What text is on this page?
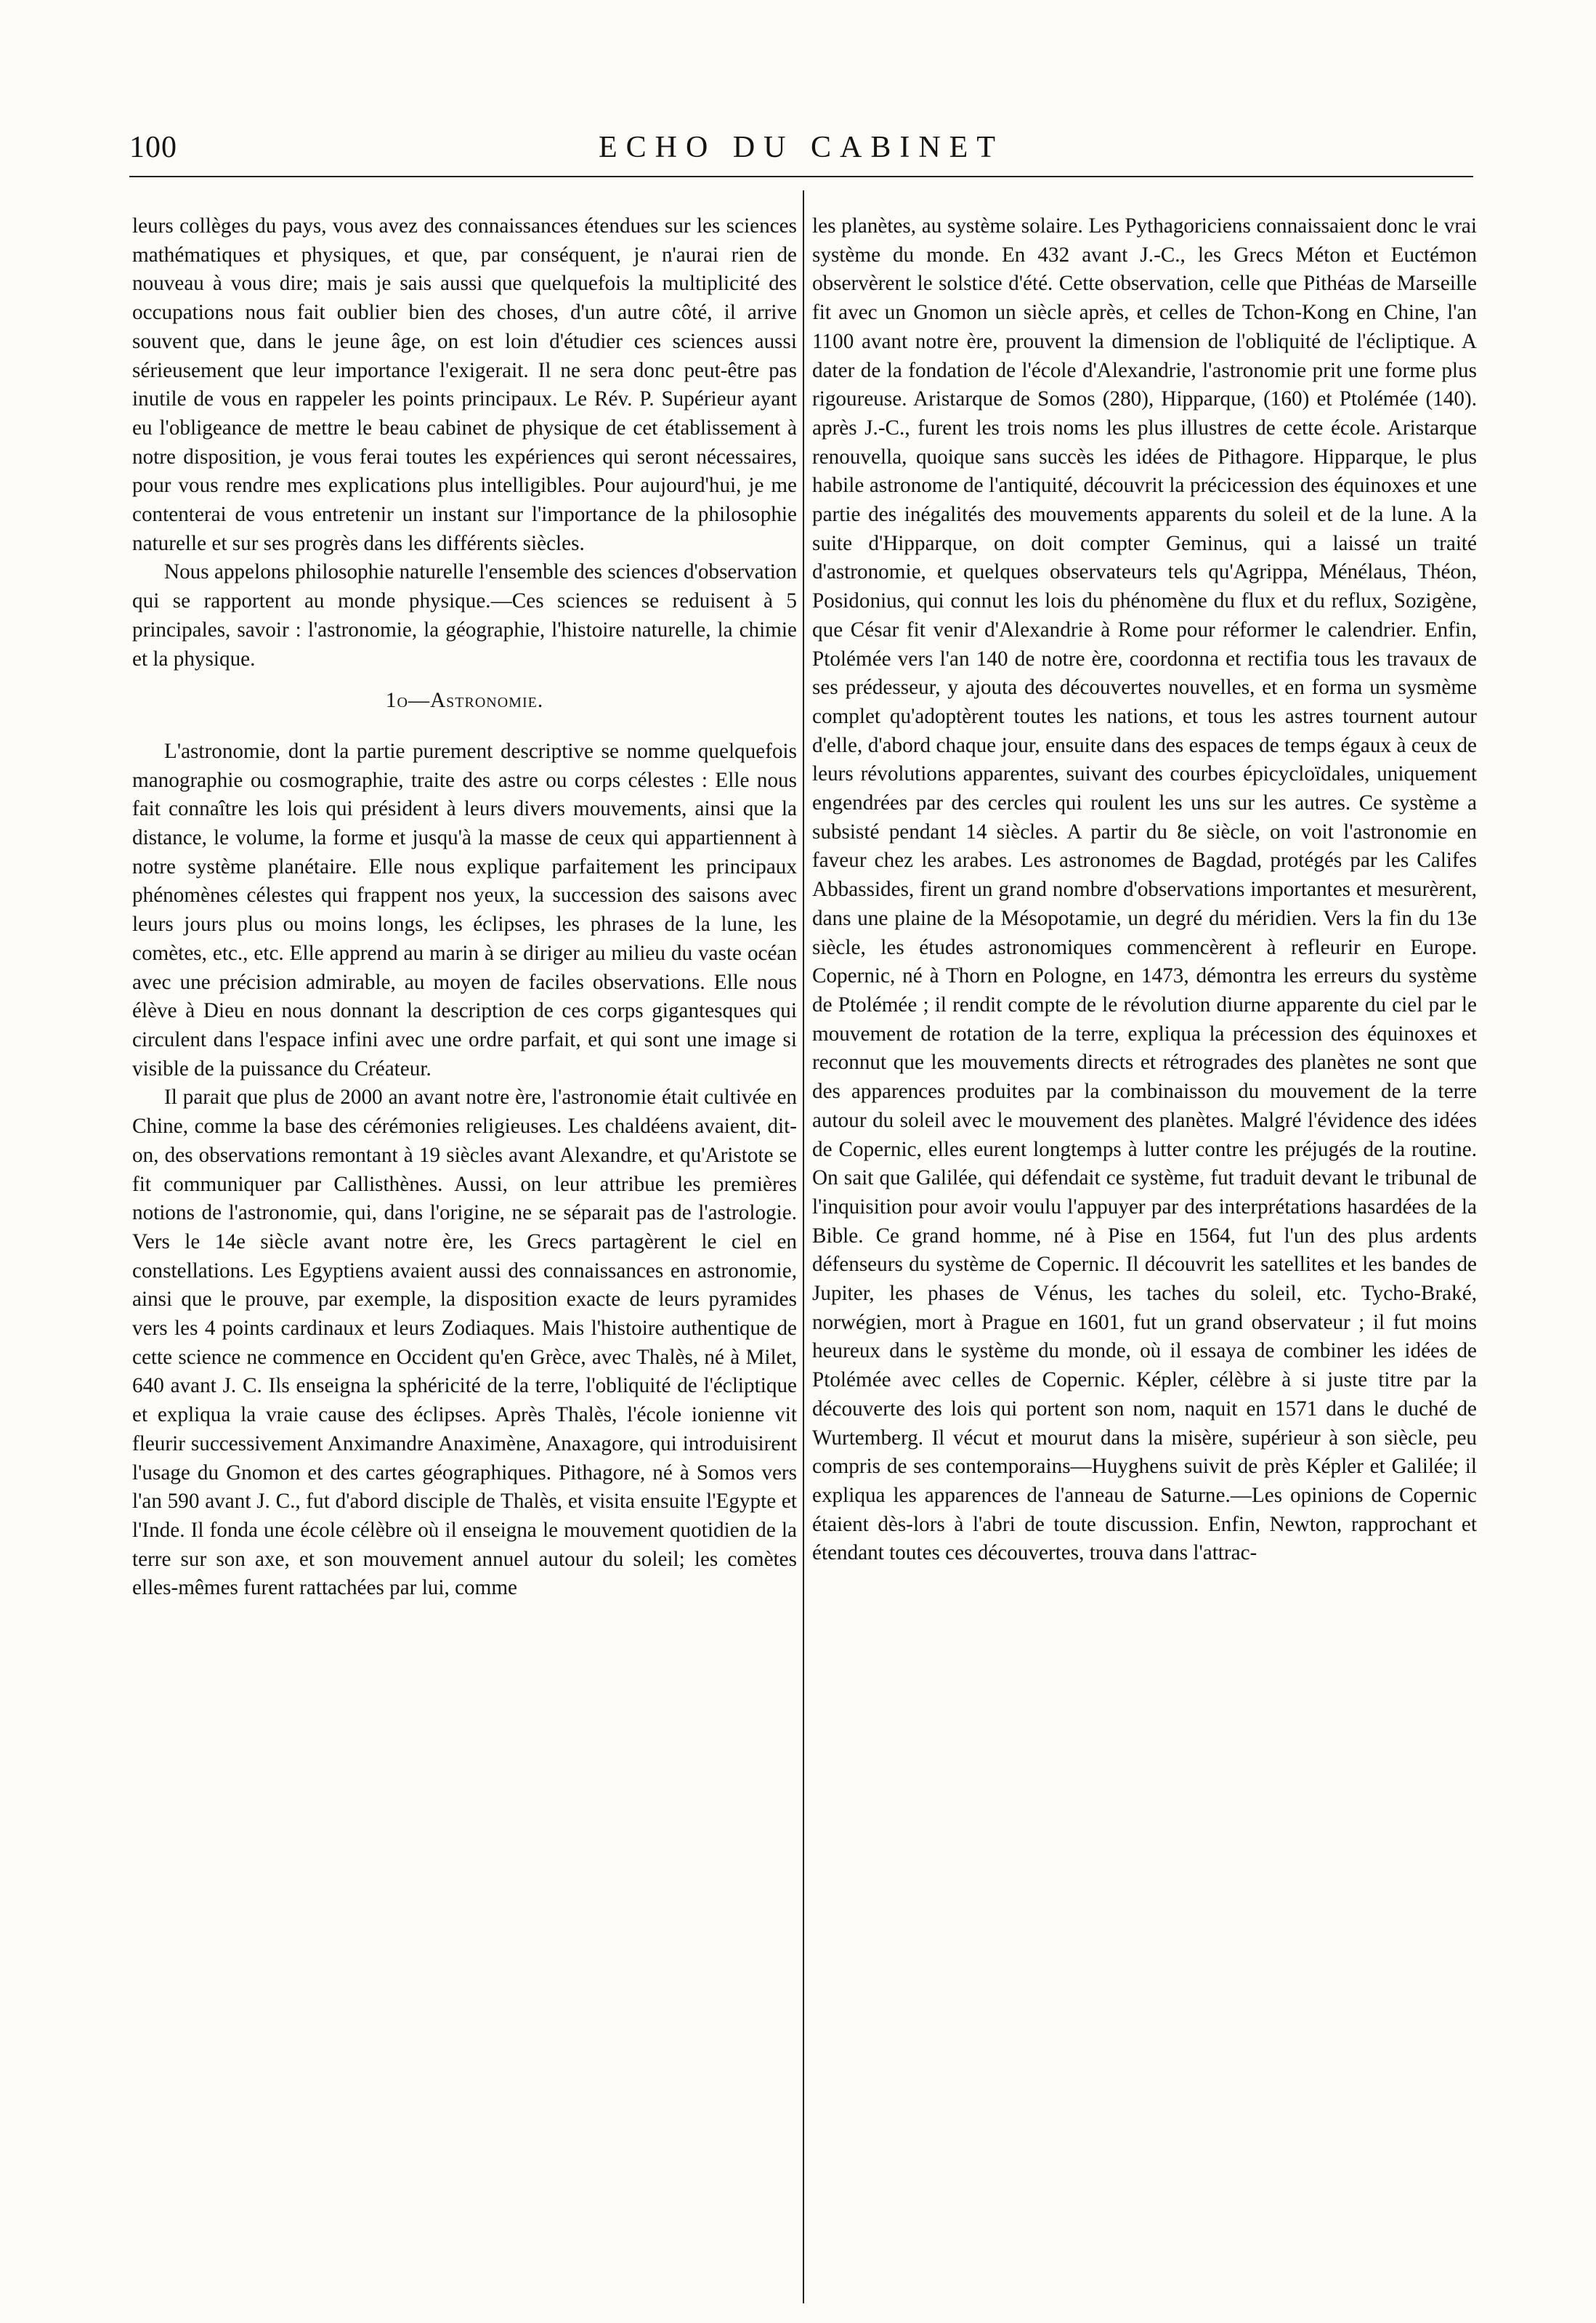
100	ECHO DU CABINET

leurs collèges du pays, vous avez des connaissances étendues sur les sciences mathématiques et physiques, et que, par conséquent, je n'aurai rien de nouveau à vous dire; mais je sais aussi que quelquefois la multiplicité des occupations nous fait oublier bien des choses, d'un autre côté, il arrive souvent que, dans le jeune âge, on est loin d'étudier ces sciences aussi sérieusement que leur importance l'exigerait. Il ne sera donc peut-être pas inutile de vous en rappeler les points principaux. Le Rév. P. Supérieur ayant eu l'obligeance de mettre le beau cabinet de physique de cet établissement à notre disposition, je vous ferai toutes les expériences qui seront nécessaires, pour vous rendre mes explications plus intelligibles. Pour aujourd'hui, je me contenterai de vous entretenir un instant sur l'importance de la philosophie naturelle et sur ses progrès dans les différents siècles.

Nous appelons philosophie naturelle l'ensemble des sciences d'observation qui se rapportent au monde physique.—Ces sciences se reduisent à 5 principales, savoir : l'astronomie, la géographie, l'histoire naturelle, la chimie et la physique.

1o—Astronomie.

L'astronomie, dont la partie purement descriptive se nomme quelquefois manographie ou cosmographie, traite des astre ou corps célestes : Elle nous fait connaître les lois qui président à leurs divers mouvements, ainsi que la distance, le volume, la forme et jusqu'à la masse de ceux qui appartiennent à notre système planétaire. Elle nous explique parfaitement les principaux phénomènes célestes qui frappent nos yeux, la succession des saisons avec leurs jours plus ou moins longs, les éclipses, les phrases de la lune, les comètes, etc., etc. Elle apprend au marin à se diriger au milieu du vaste océan avec une précision admirable, au moyen de faciles observations. Elle nous élève à Dieu en nous donnant la description de ces corps gigantesques qui circulent dans l'espace infini avec une ordre parfait, et qui sont une image si visible de la puissance du Créateur.

Il parait que plus de 2000 an avant notre ère, l'astronomie était cultivée en Chine, comme la base des cérémonies religieuses. Les chaldéens avaient, dit-on, des observations remontant à 19 siècles avant Alexandre, et qu'Aristote se fit communiquer par Callisthènes. Aussi, on leur attribue les premières notions de l'astronomie, qui, dans l'origine, ne se séparait pas de l'astrologie. Vers le 14e siècle avant notre ère, les Grecs partagèrent le ciel en constellations. Les Egyptiens avaient aussi des connaissances en astronomie, ainsi que le prouve, par exemple, la disposition exacte de leurs pyramides vers les 4 points cardinaux et leurs Zodiaques. Mais l'histoire authentique de cette science ne commence en Occident qu'en Grèce, avec Thalès, né à Milet, 640 avant J. C. Ils enseigna la sphéricité de la terre, l'obliquité de l'écliptique et expliqua la vraie cause des éclipses. Après Thalès, l'école ionienne vit fleurir successivement Anximandre Anaximène, Anaxagore, qui introduisirent l'usage du Gnomon et des cartes géographiques. Pithagore, né à Somos vers l'an 590 avant J. C., fut d'abord disciple de Thalès, et visita ensuite l'Egypte et l'Inde. Il fonda une école célèbre où il enseigna le mouvement quotidien de la terre sur son axe, et son mouvement annuel autour du soleil; les comètes elles-mêmes furent rattachées par lui, comme

les planètes, au système solaire. Les Pythagoriciens connaissaient donc le vrai système du monde. En 432 avant J.-C., les Grecs Méton et Euctémon observèrent le solstice d'été. Cette observation, celle que Pithéas de Marseille fit avec un Gnomon un siècle après, et celles de Tchon-Kong en Chine, l'an 1100 avant notre ère, prouvent la dimension de l'obliquité de l'écliptique. A dater de la fondation de l'école d'Alexandrie, l'astronomie prit une forme plus rigoureuse. Aristarque de Somos (280), Hipparque, (160) et Ptolémée (140). après J.-C., furent les trois noms les plus illustres de cette école. Aristarque renouvella, quoique sans succès les idées de Pithagore. Hipparque, le plus habile astronome de l'antiquité, découvrit la précicession des équinoxes et une partie des inégalités des mouvements apparents du soleil et de la lune. A la suite d'Hipparque, on doit compter Geminus, qui a laissé un traité d'astronomie, et quelques observateurs tels qu'Agrippa, Ménélaus, Théon, Posidonius, qui connut les lois du phénomène du flux et du reflux, Sozigène, que César fit venir d'Alexandrie à Rome pour réformer le calendrier. Enfin, Ptolémée vers l'an 140 de notre ère, coordonna et rectifia tous les travaux de ses prédesseur, y ajouta des découvertes nouvelles, et en forma un sysmème complet qu'adoptèrent toutes les nations, et tous les astres tournent autour d'elle, d'abord chaque jour, ensuite dans des espaces de temps égaux à ceux de leurs révolutions apparentes, suivant des courbes épicycloïdales, uniquement engendrées par des cercles qui roulent les uns sur les autres. Ce système a subsisté pendant 14 siècles. A partir du 8e siècle, on voit l'astronomie en faveur chez les arabes. Les astronomes de Bagdad, protégés par les Califes Abbassides, firent un grand nombre d'observations importantes et mesurèrent, dans une plaine de la Mésopotamie, un degré du méridien. Vers la fin du 13e siècle, les études astronomiques commencèrent à refleurir en Europe. Copernic, né à Thorn en Pologne, en 1473, démontra les erreurs du système de Ptolémée ; il rendit compte de le révolution diurne apparente du ciel par le mouvement de rotation de la terre, expliqua la précession des équinoxes et reconnut que les mouvements directs et rétrogrades des planètes ne sont que des apparences produites par la combinaisson du mouvement de la terre autour du soleil avec le mouvement des planètes. Malgré l'évidence des idées de Copernic, elles eurent longtemps à lutter contre les préjugés de la routine. On sait que Galilée, qui défendait ce système, fut traduit devant le tribunal de l'inquisition pour avoir voulu l'appuyer par des interprétations hasardées de la Bible. Ce grand homme, né à Pise en 1564, fut l'un des plus ardents défenseurs du système de Copernic. Il découvrit les satellites et les bandes de Jupiter, les phases de Vénus, les taches du soleil, etc. Tycho-Braké, norwégien, mort à Prague en 1601, fut un grand observateur ; il fut moins heureux dans le système du monde, où il essaya de combiner les idées de Ptolémée avec celles de Copernic. Képler, célèbre à si juste titre par la découverte des lois qui portent son nom, naquit en 1571 dans le duché de Wurtemberg. Il vécut et mourut dans la misère, supérieur à son siècle, peu compris de ses contemporains—Huyghens suivit de près Képler et Galilée; il expliqua les apparences de l'anneau de Saturne.—Les opinions de Copernic étaient dès-lors à l'abri de toute discussion. Enfin, Newton, rapprochant et étendant toutes ces découvertes, trouva dans l'attrac-
